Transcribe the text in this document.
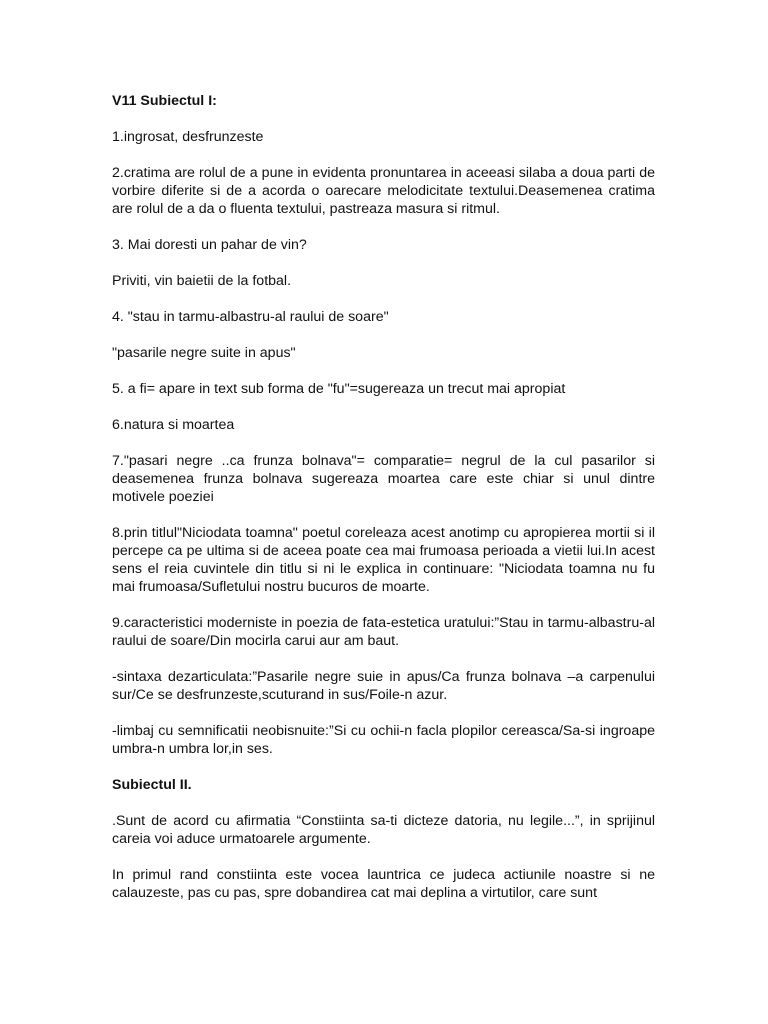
V11 Subiectul I:

1.ingrosat, desfrunzeste

2.cratima are rolul de a pune in evidenta pronuntarea in aceeasi silaba a doua parti de vorbire diferite si de a acorda o oarecare melodicitate textului.Deasemenea cratima are rolul de a da o fluenta textului, pastreaza masura si ritmul.

3. Mai doresti un pahar de vin?

Priviti, vin baietii de la fotbal.

4. "stau in tarmu-albastru-al raului de soare"

"pasarile negre suite in apus"

5. a fi= apare in text sub forma de "fu"=sugereaza un trecut mai apropiat

6.natura si moartea

7."pasari negre ..ca frunza bolnava"= comparatie= negrul de la cul pasarilor si deasemenea frunza bolnava sugereaza moartea care este chiar si unul dintre motivele poeziei

8.prin titlul"Niciodata toamna" poetul coreleaza acest anotimp cu apropierea mortii si il percepe ca pe ultima si de aceea poate cea mai frumoasa perioada a vietii lui.In acest sens el reia cuvintele din titlu si ni le explica in continuare: "Niciodata toamna nu fu mai frumoasa/Sufletului nostru bucuros de moarte.

9.caracteristici moderniste in poezia de fata-estetica uratului:”Stau in tarmu-albastru-al raului de soare/Din mocirla carui aur am baut.

-sintaxa dezarticulata:”Pasarile negre suie in apus/Ca frunza bolnava –a carpenului sur/Ce se desfrunzeste,scuturand in sus/Foile-n azur.

-limbaj cu semnificatii neobisnuite:”Si cu ochii-n facla plopilor cereasca/Sa-si ingroape umbra-n umbra lor,in ses.

Subiectul II.

.Sunt de acord cu afirmatia “Constiinta sa-ti dicteze datoria, nu legile...”, in sprijinul careia voi aduce urmatoarele argumente.

In primul rand constiinta este vocea launtrica ce judeca actiunile noastre si ne calauzeste, pas cu pas, spre dobandirea cat mai deplina a virtutilor, care sunt
